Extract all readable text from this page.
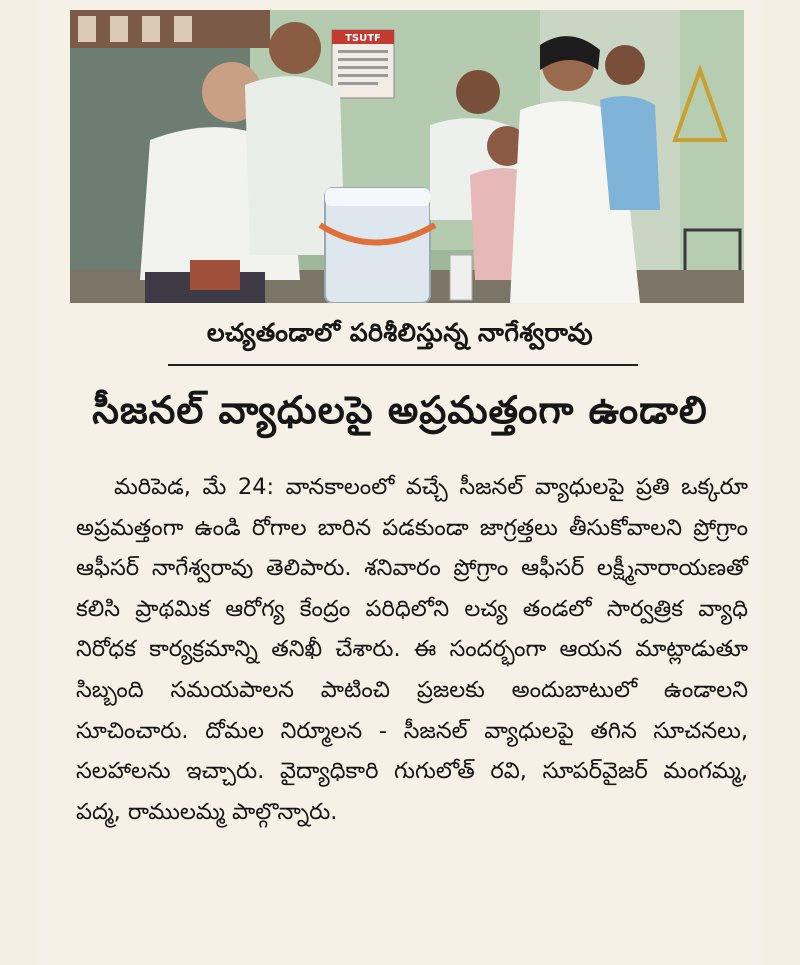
TSUTF
లచ్యతండాలో పరిశీలిస్తున్న నాగేశ్వరావు
సీజనల్ వ్యాధులపై అప్రమత్తంగా ఉండాలి

మరిపెడ, మే 24: వానకాలంలో వచ్చే సీజనల్ వ్యాధులపై ప్రతి ఒక్కరూ అప్రమత్తంగా ఉండి రోగాల బారిన పడకుండా జాగ్రత్తలు తీసుకోవాలని ప్రోగ్రాం ఆఫీసర్ నాగేశ్వరావు తెలిపారు. శనివారం ప్రోగ్రాం ఆఫీసర్ లక్ష్మీనారాయణతో కలిసి ప్రాథమిక ఆరోగ్య కేంద్రం పరిధిలోని లచ్య తండలో సార్వత్రిక వ్యాధి నిరోధక కార్యక్రమాన్ని తనిఖీ చేశారు. ఈ సందర్భంగా ఆయన మాట్లాడుతూ సిబ్బంది సమయపాలన పాటించి ప్రజలకు అందుబాటులో ఉండాలని సూచించారు. దోమల నిర్మూలన - సీజనల్ వ్యాధులపై తగిన సూచనలు, సలహాలను ఇచ్చారు. వైద్యాధికారి గుగులోత్ రవి, సూపర్‌వైజర్ మంగమ్మ, పద్మ, రాములమ్మ పాల్గొన్నారు.
